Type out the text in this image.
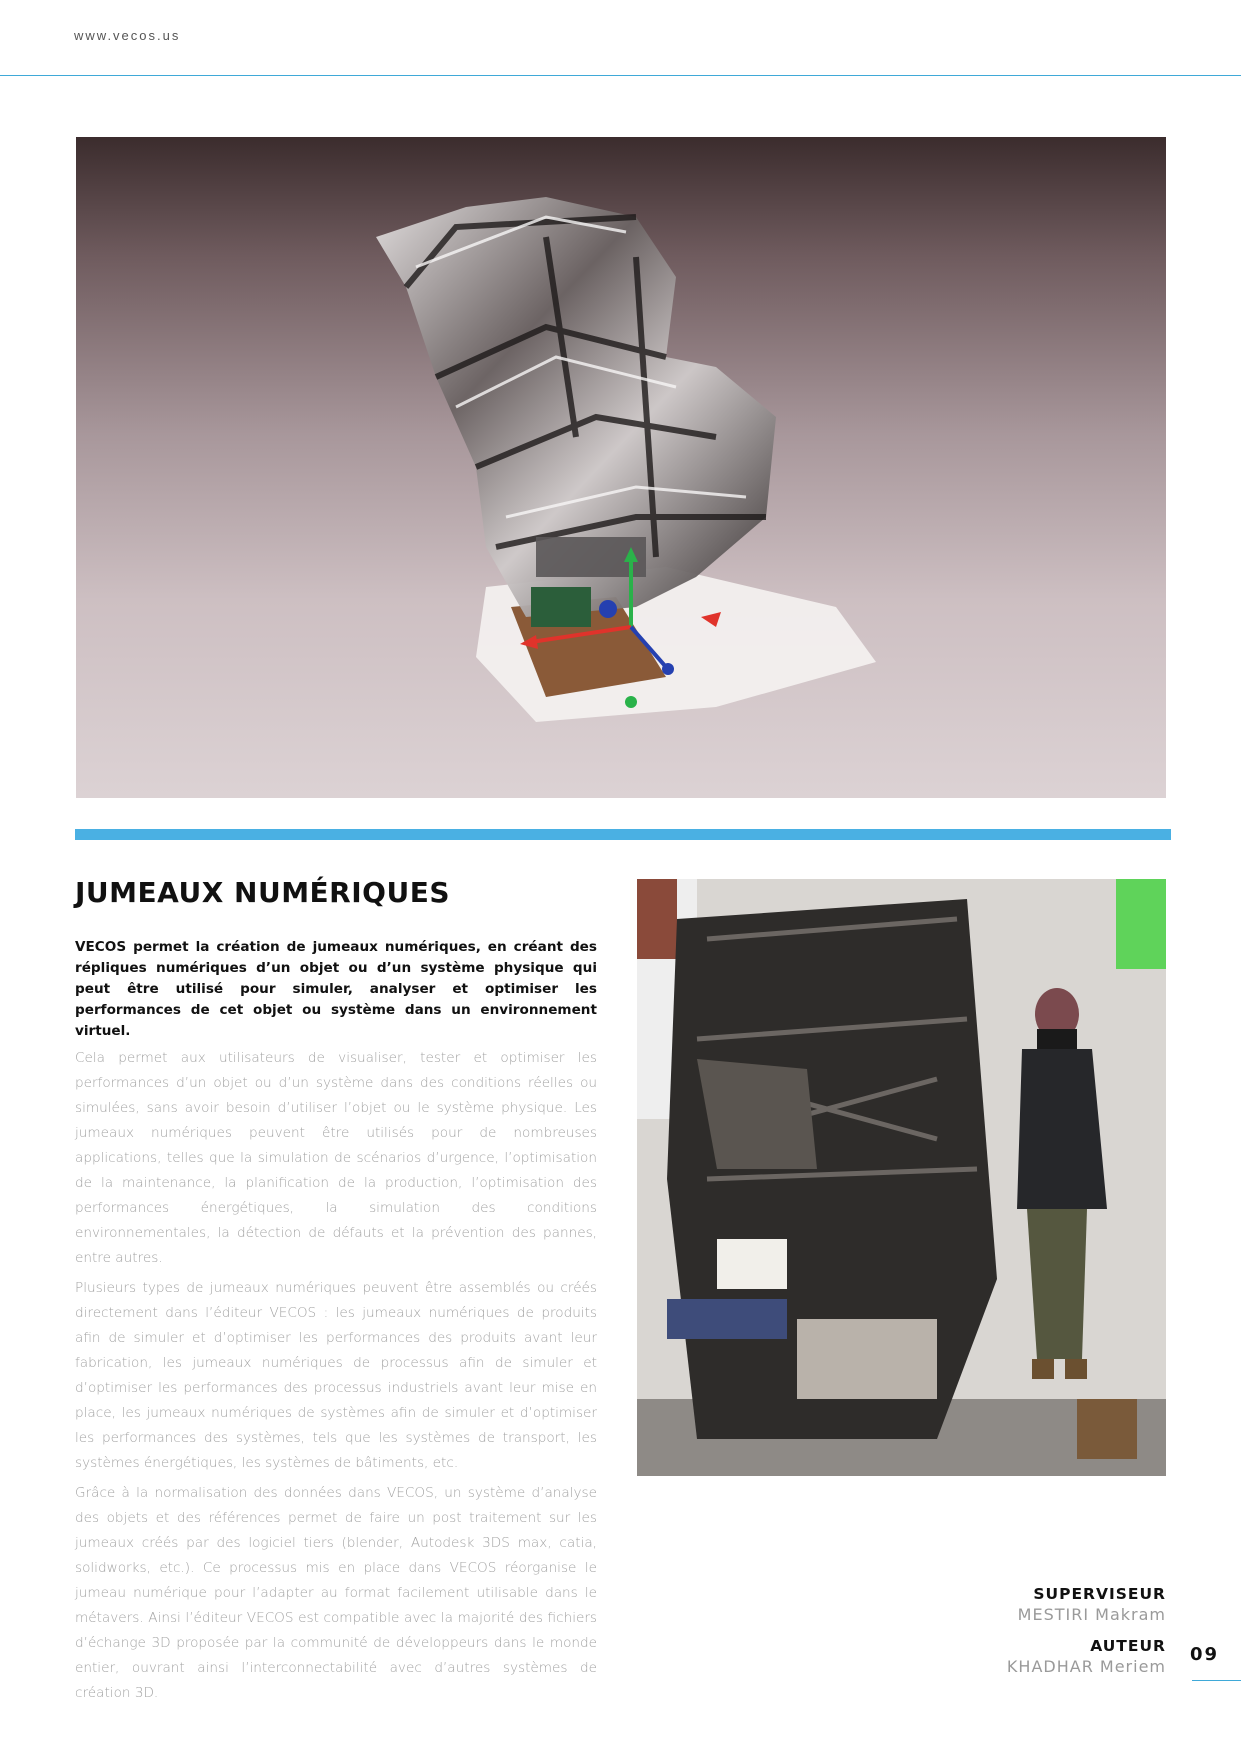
www.vecos.us
JUMEAUX NUMÉRIQUES

VECOS permet la création de jumeaux numériques, en créant des répliques numériques d’un objet ou d’un système physique qui peut être utilisé pour simuler, analyser et optimiser les performances de cet objet ou système dans un environnement virtuel.

Cela permet aux utilisateurs de visualiser, tester et optimiser les performances d’un objet ou d’un système dans des conditions réelles ou simulées, sans avoir besoin d’utiliser l’objet ou le système physique. Les jumeaux numériques peuvent être utilisés pour de nombreuses applications, telles que la simulation de scénarios d’urgence, l’optimisation de la maintenance, la planification de la production, l’optimisation des performances énergétiques, la simulation des conditions environnementales, la détection de défauts et la prévention des pannes, entre autres.

Plusieurs types de jumeaux numériques peuvent être assemblés ou créés directement dans l’éditeur VECOS : les jumeaux numériques de produits afin de simuler et d’optimiser les performances des produits avant leur fabrication, les jumeaux numériques de processus afin de simuler et d’optimiser les performances des processus industriels avant leur mise en place, les jumeaux numériques de systèmes afin de simuler et d’optimiser les performances des systèmes, tels que les systèmes de transport, les systèmes énergétiques, les systèmes de bâtiments, etc.

Grâce à la normalisation des données dans VECOS, un système d’analyse des objets et des références permet de faire un post traitement sur les jumeaux créés par des logiciel tiers (blender, Autodesk 3DS max, catia, solidworks, etc.). Ce processus mis en place dans VECOS réorganise le jumeau numérique pour l’adapter au format facilement utilisable dans le métavers. Ainsi l’éditeur VECOS est compatible avec la majorité des fichiers d’échange 3D proposée par la communité de développeurs dans le monde entier, ouvrant ainsi l’interconnectabilité avec d’autres systèmes de création 3D.

SUPERVISEUR
MESTIRI Makram
AUTEUR
KHADHAR Meriem
09
